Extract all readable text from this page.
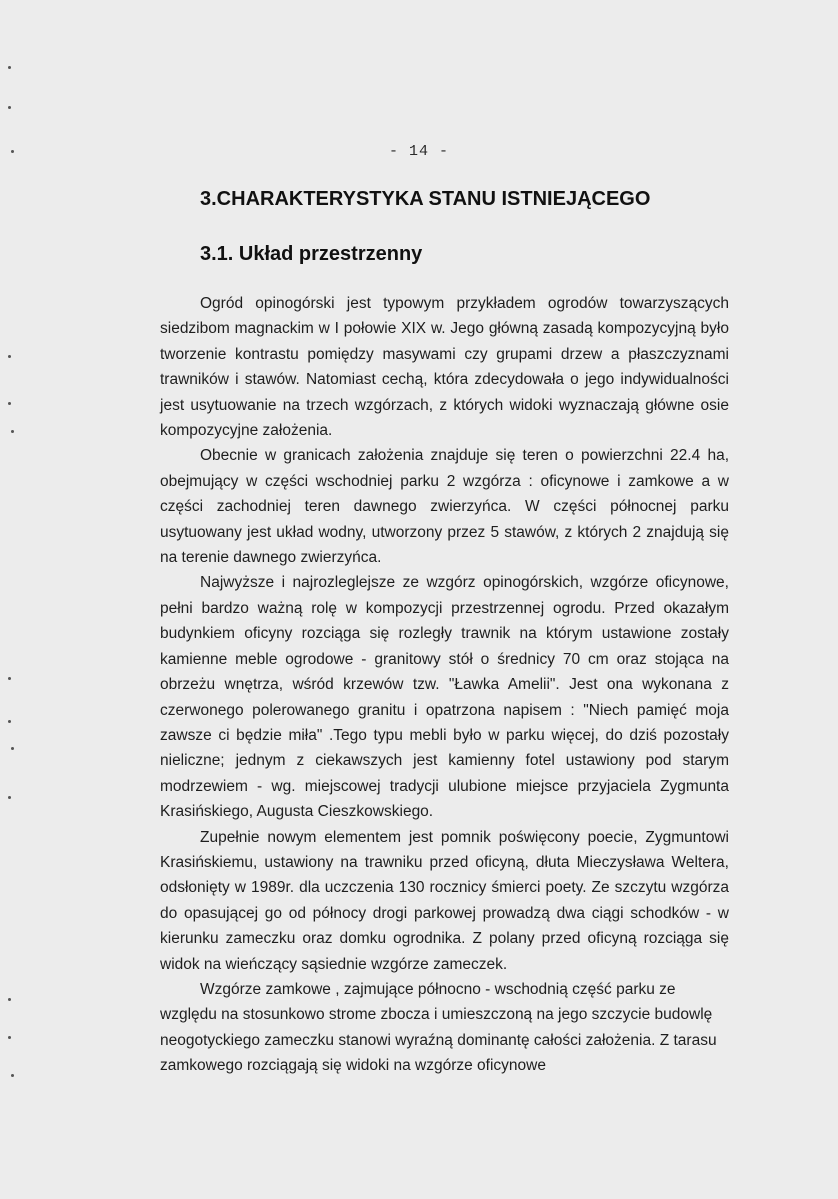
- 14 -
3.CHARAKTERYSTYKA STANU ISTNIEJĄCEGO
3.1. Układ przestrzenny

Ogród opinogórski jest typowym przykładem ogrodów towarzyszących siedzibom magnackim w I połowie XIX w. Jego główną zasadą kompozycyjną było tworzenie kontrastu pomiędzy masywami czy grupami drzew a płaszczyznami trawników i stawów. Natomiast cechą, która zdecydowała o jego indywidualności jest usytuowanie na trzech wzgórzach, z których widoki wyznaczają główne osie kompozycyjne założenia.

Obecnie w granicach założenia znajduje się teren o powierzchni 22.4 ha, obejmujący w części wschodniej parku 2 wzgórza : oficynowe i zamkowe a w części zachodniej teren dawnego zwierzyńca. W części północnej parku usytuowany jest układ wodny, utworzony przez 5 stawów, z których 2 znajdują się na terenie dawnego zwierzyńca.

Najwyższe i najrozleglejsze ze wzgórz opinogórskich, wzgórze oficynowe, pełni bardzo ważną rolę w kompozycji przestrzennej ogrodu. Przed okazałym budynkiem oficyny rozciąga się rozległy trawnik na którym ustawione zostały kamienne meble ogrodowe - granitowy stół o średnicy 70 cm oraz stojąca na obrzeżu wnętrza, wśród krzewów tzw. "Ławka Amelii". Jest ona wykonana z czerwonego polerowanego granitu i opatrzona napisem : "Niech pamięć moja zawsze ci będzie miła" .Tego typu mebli było w parku więcej, do dziś pozostały nieliczne; jednym z ciekawszych jest kamienny fotel ustawiony pod starym modrzewiem - wg. miejscowej tradycji ulubione miejsce przyjaciela Zygmunta Krasińskiego, Augusta Cieszkowskiego.

Zupełnie nowym elementem jest pomnik poświęcony poecie, Zygmuntowi Krasińskiemu, ustawiony na trawniku przed oficyną, dłuta Mieczysława Weltera, odsłonięty w 1989r. dla uczczenia 130 rocznicy śmierci poety. Ze szczytu wzgórza do opasującej go od północy drogi parkowej prowadzą dwa ciągi schodków - w kierunku zameczku oraz domku ogrodnika. Z polany przed oficyną rozciąga się widok na wieńczący sąsiednie wzgórze zameczek.

Wzgórze zamkowe , zajmujące północno - wschodnią część parku ze względu na stosunkowo strome zbocza i umieszczoną na jego szczycie budowlę neogotyckiego zameczku stanowi wyraźną dominantę całości założenia. Z tarasu zamkowego rozciągają się widoki na wzgórze oficynowe
